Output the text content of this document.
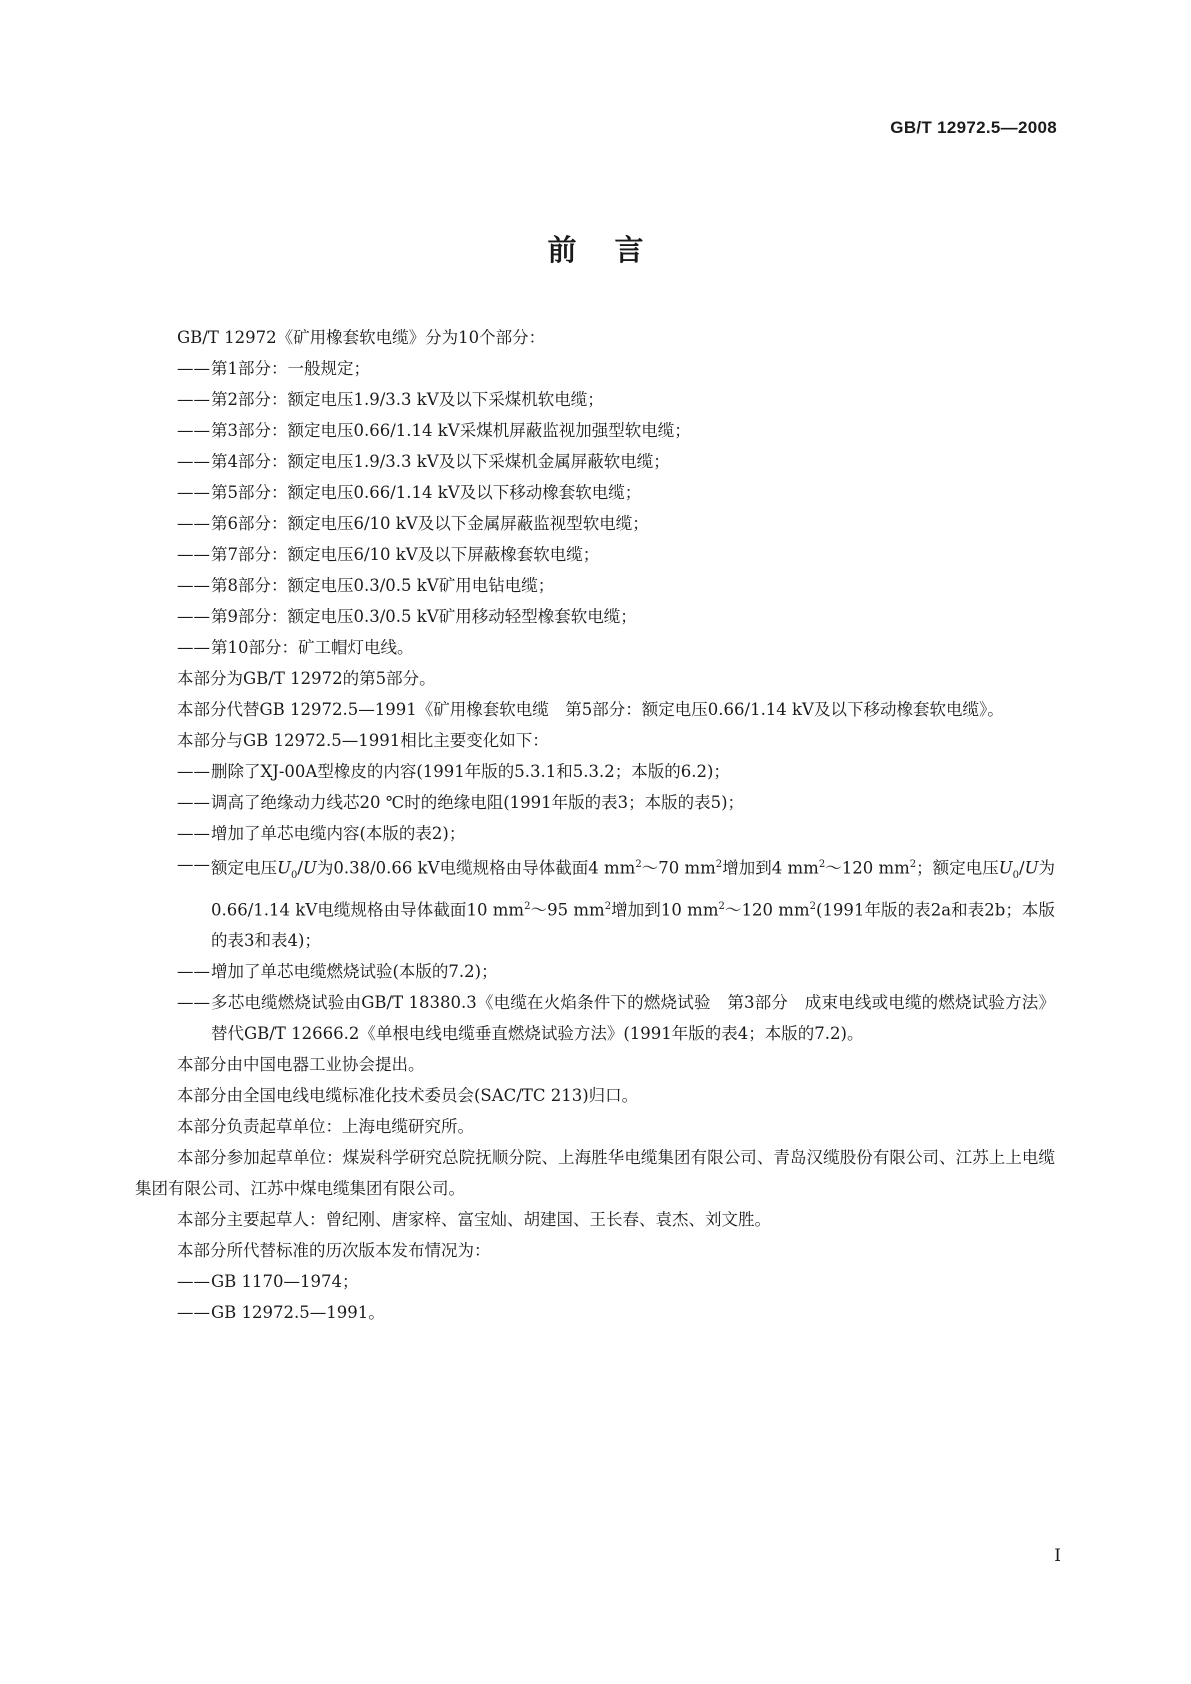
GB/T 12972.5—2008
前言

GB/T 12972《矿用橡套软电缆》分为10个部分：

—— 第1部分：一般规定；

—— 第2部分：额定电压1.9/3.3 kV及以下采煤机软电缆；

—— 第3部分：额定电压0.66/1.14 kV采煤机屏蔽监视加强型软电缆；

—— 第4部分：额定电压1.9/3.3 kV及以下采煤机金属屏蔽软电缆；

—— 第5部分：额定电压0.66/1.14 kV及以下移动橡套软电缆；

—— 第6部分：额定电压6/10 kV及以下金属屏蔽监视型软电缆；

—— 第7部分：额定电压6/10 kV及以下屏蔽橡套软电缆；

—— 第8部分：额定电压0.3/0.5 kV矿用电钻电缆；

—— 第9部分：额定电压0.3/0.5 kV矿用移动轻型橡套软电缆；

—— 第10部分：矿工帽灯电线。

本部分为GB/T 12972的第5部分。

本部分代替GB 12972.5—1991《矿用橡套软电缆　第5部分：额定电压0.66/1.14 kV及以下移动橡套软电缆》。

本部分与GB 12972.5—1991相比主要变化如下：

—— 删除了XJ-00A型橡皮的内容(1991年版的5.3.1和5.3.2；本版的6.2)；

—— 调高了绝缘动力线芯20 ℃时的绝缘电阻(1991年版的表3；本版的表5)；

—— 增加了单芯电缆内容(本版的表2)；

—— 额定电压$U_0/U$为0.38/0.66 kV电缆规格由导体截面4 $mm^2\sim 70$ $mm^2$增加到4 $mm^2\sim 120$ $mm^2$；额定电压$U_0/U$为0.66/1.14 kV电缆规格由导体截面10 $mm^2\sim 95$ $mm^2$增加到10 $mm^2\sim 120$ $mm^2(1991$年版的表2a和表2b；本版的表3和表4)；

—— 增加了单芯电缆燃烧试验(本版的7.2)；

—— 多芯电缆燃烧试验由GB/T 18380.3《电缆在火焰条件下的燃烧试验　第3部分　成束电线或电缆的燃烧试验方法》替代GB/T 12666.2《单根电线电缆垂直燃烧试验方法》(1991年版的表4；本版的7.2)。

本部分由中国电器工业协会提出。

本部分由全国电线电缆标准化技术委员会(SAC/TC 213)归口。

本部分负责起草单位：上海电缆研究所。

本部分参加起草单位：煤炭科学研究总院抚顺分院、上海胜华电缆集团有限公司、青岛汉缆股份有限公司、江苏上上电缆集团有限公司、江苏中煤电缆集团有限公司。

本部分主要起草人：曾纪刚、唐家梓、富宝灿、胡建国、王长春、袁杰、刘文胜。

本部分所代替标准的历次版本发布情况为：

—— GB 1170—1974；

—— GB 12972.5—1991。

I
